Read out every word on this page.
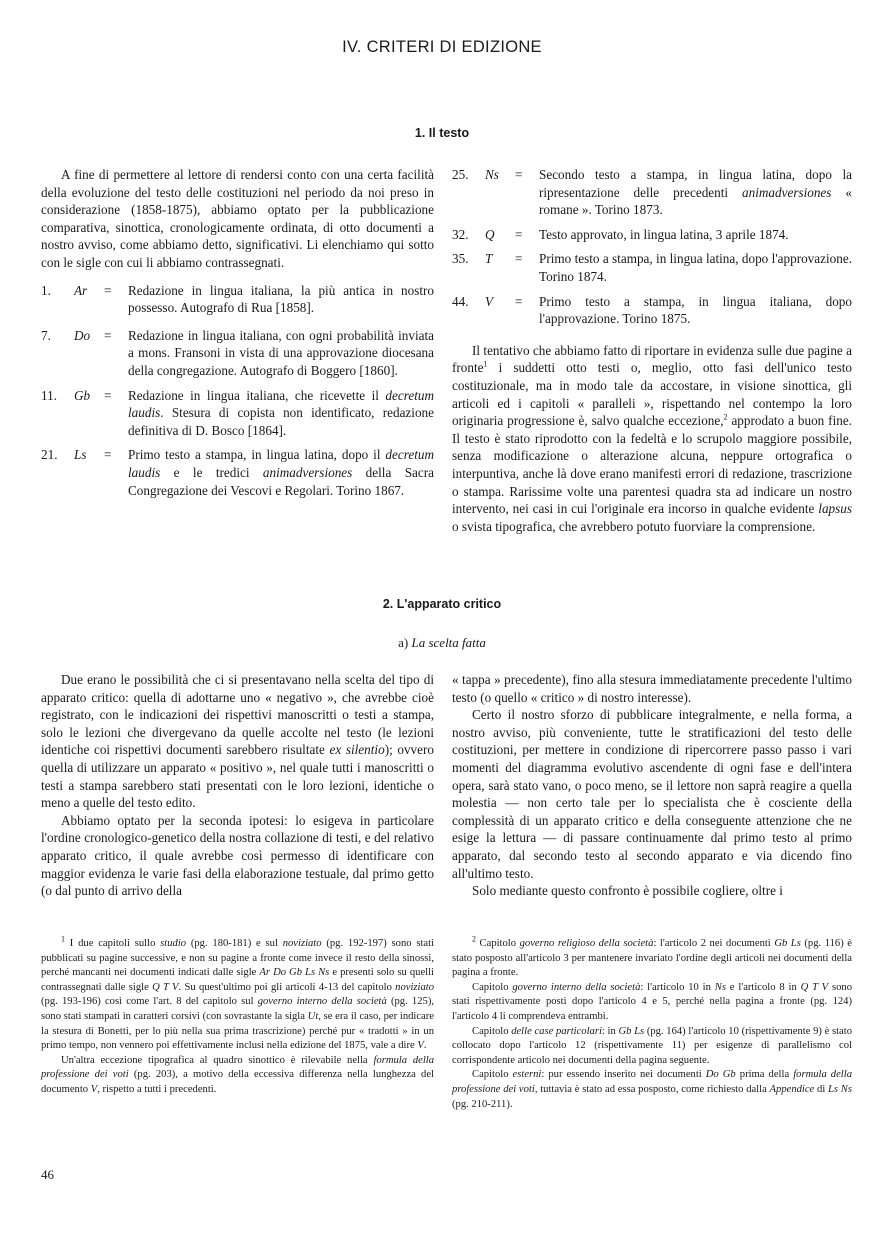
IV. CRITERI DI EDIZIONE
1. Il testo

A fine di permettere al lettore di rendersi conto con una certa facilità della evoluzione del testo delle costituzioni nel periodo da noi preso in considerazione (1858-1875), abbiamo optato per la pubblicazione comparativa, sinottica, cronologicamente ordinata, di otto documenti a nostro avviso, come abbiamo detto, significativi. Li elenchiamo qui sotto con le sigle con cui li abbiamo contrassegnati.

1.	Ar	=	Redazione in lingua italiana, la più antica in nostro possesso. Autografo di Rua [1858].
7.	Do	=	Redazione in lingua italiana, con ogni probabilità inviata a mons. Fransoni in vista di una approvazione diocesana della congregazione. Autografo di Boggero [1860].
11.	Gb	=	Redazione in lingua italiana, che ricevette il decretum laudis. Stesura di copista non identificato, redazione definitiva di D. Bosco [1864].
21.	Ls	=	Primo testo a stampa, in lingua latina, dopo il decretum laudis e le tredici animadversiones della Sacra Congregazione dei Vescovi e Regolari. Torino 1867.
25.	Ns	=	Secondo testo a stampa, in lingua latina, dopo la ripresentazione delle precedenti animadversiones « romane ». Torino 1873.
32.	Q	=	Testo approvato, in lingua latina, 3 aprile 1874.
35.	T	=	Primo testo a stampa, in lingua latina, dopo l'approvazione. Torino 1874.
44.	V	=	Primo testo a stampa, in lingua italiana, dopo l'approvazione. Torino 1875.

Il tentativo che abbiamo fatto di riportare in evidenza sulle due pagine a fronte$^1$ i suddetti otto testi o, meglio, otto fasi dell'unico testo costituzionale, ma in modo tale da accostare, in visione sinottica, gli articoli ed i capitoli « paralleli », rispettando nel contempo la loro originaria progressione è, salvo qualche eccezione,$^2$ approdato a buon fine. Il testo è stato riprodotto con la fedeltà e lo scrupolo maggiore possibile, senza modificazione o alterazione alcuna, neppure ortografica o interpuntiva, anche là dove erano manifesti errori di redazione, trascrizione o stampa. Rarissime volte una parentesi quadra sta ad indicare un nostro intervento, nei casi in cui l'originale era incorso in qualche evidente lapsus o svista tipografica, che avrebbero potuto fuorviare la comprensione.

2. L'apparato critico
a) La scelta fatta

Due erano le possibilità che ci si presentavano nella scelta del tipo di apparato critico: quella di adottarne uno « negativo », che avrebbe cioè registrato, con le indicazioni dei rispettivi manoscritti o testi a stampa, solo le lezioni che divergevano da quelle accolte nel testo (le lezioni identiche coi rispettivi documenti sarebbero risultate ex silentio); ovvero quella di utilizzare un apparato « positivo », nel quale tutti i manoscritti o testi a stampa sarebbero stati presentati con le loro lezioni, identiche o meno a quelle del testo edito.

Abbiamo optato per la seconda ipotesi: lo esigeva in particolare l'ordine cronologico-genetico della nostra collazione di testi, e del relativo apparato critico, il quale avrebbe così permesso di identificare con maggior evidenza le varie fasi della elaborazione testuale, dal primo getto (o dal punto di arrivo della

« tappa » precedente), fino alla stesura immediatamente precedente l'ultimo testo (o quello « critico » di nostro interesse).

Certo il nostro sforzo di pubblicare integralmente, e nella forma, a nostro avviso, più conveniente, tutte le stratificazioni del testo delle costituzioni, per mettere in condizione di ripercorrere passo passo i vari momenti del diagramma evolutivo ascendente di ogni fase e dell'intera opera, sarà stato vano, o poco meno, se il lettore non saprà reagire a quella molestia — non certo tale per lo specialista che è cosciente della complessità di un apparato critico e della conseguente attenzione che ne esige la lettura — di passare continuamente dal primo testo al primo apparato, dal secondo testo al secondo apparato e via dicendo fino all'ultimo testo.

Solo mediante questo confronto è possibile cogliere, oltre i

$^1$ I due capitoli sullo studio (pg. 180-181) e sul noviziato (pg. 192-197) sono stati pubblicati su pagine successive, e non su pagine a fronte come invece il resto della sinossi, perché mancanti nei documenti indicati dalle sigle Ar Do Gb Ls Ns e presenti solo su quelli contrassegnati dalle sigle Q T V. Su quest'ultimo poi gli articoli 4-13 del capitolo noviziato (pg. 193-196) così come l'art. 8 del capitolo sul governo interno della società (pg. 125), sono stati stampati in caratteri corsivi (con sovrastante la sigla Ut, se era il caso, per indicare la stesura di Bonetti, per lo più nella sua prima trascrizione) perché pur « tradotti » in un primo tempo, non vennero poi effettivamente inclusi nella edizione del 1875, vale a dire V.

Un'altra eccezione tipografica al quadro sinottico è rilevabile nella formula della professione dei voti (pg. 203), a motivo della eccessiva differenza nella lunghezza del documento V, rispetto a tutti i precedenti.

$^2$ Capitolo governo religioso della società: l'articolo 2 nei documenti Gb Ls (pg. 116) è stato posposto all'articolo 3 per mantenere invariato l'ordine degli articoli nei documenti della pagina a fronte.

Capitolo governo interno della società: l'articolo 10 in Ns e l'articolo 8 in Q T V sono stati rispettivamente posti dopo l'articolo 4 e 5, perché nella pagina a fronte (pg. 124) l'articolo 4 li comprendeva entrambi.

Capitolo delle case particolari: in Gb Ls (pg. 164) l'articolo 10 (rispettivamente 9) è stato collocato dopo l'articolo 12 (rispettivamente 11) per esigenze di parallelismo col corrispondente articolo nei documenti della pagina seguente.

Capitolo esterni: pur essendo inserito nei documenti Do Gb prima della formula della professione dei voti, tuttavia è stato ad essa posposto, come richiesto dalla Appendice di Ls Ns (pg. 210-211).

46
